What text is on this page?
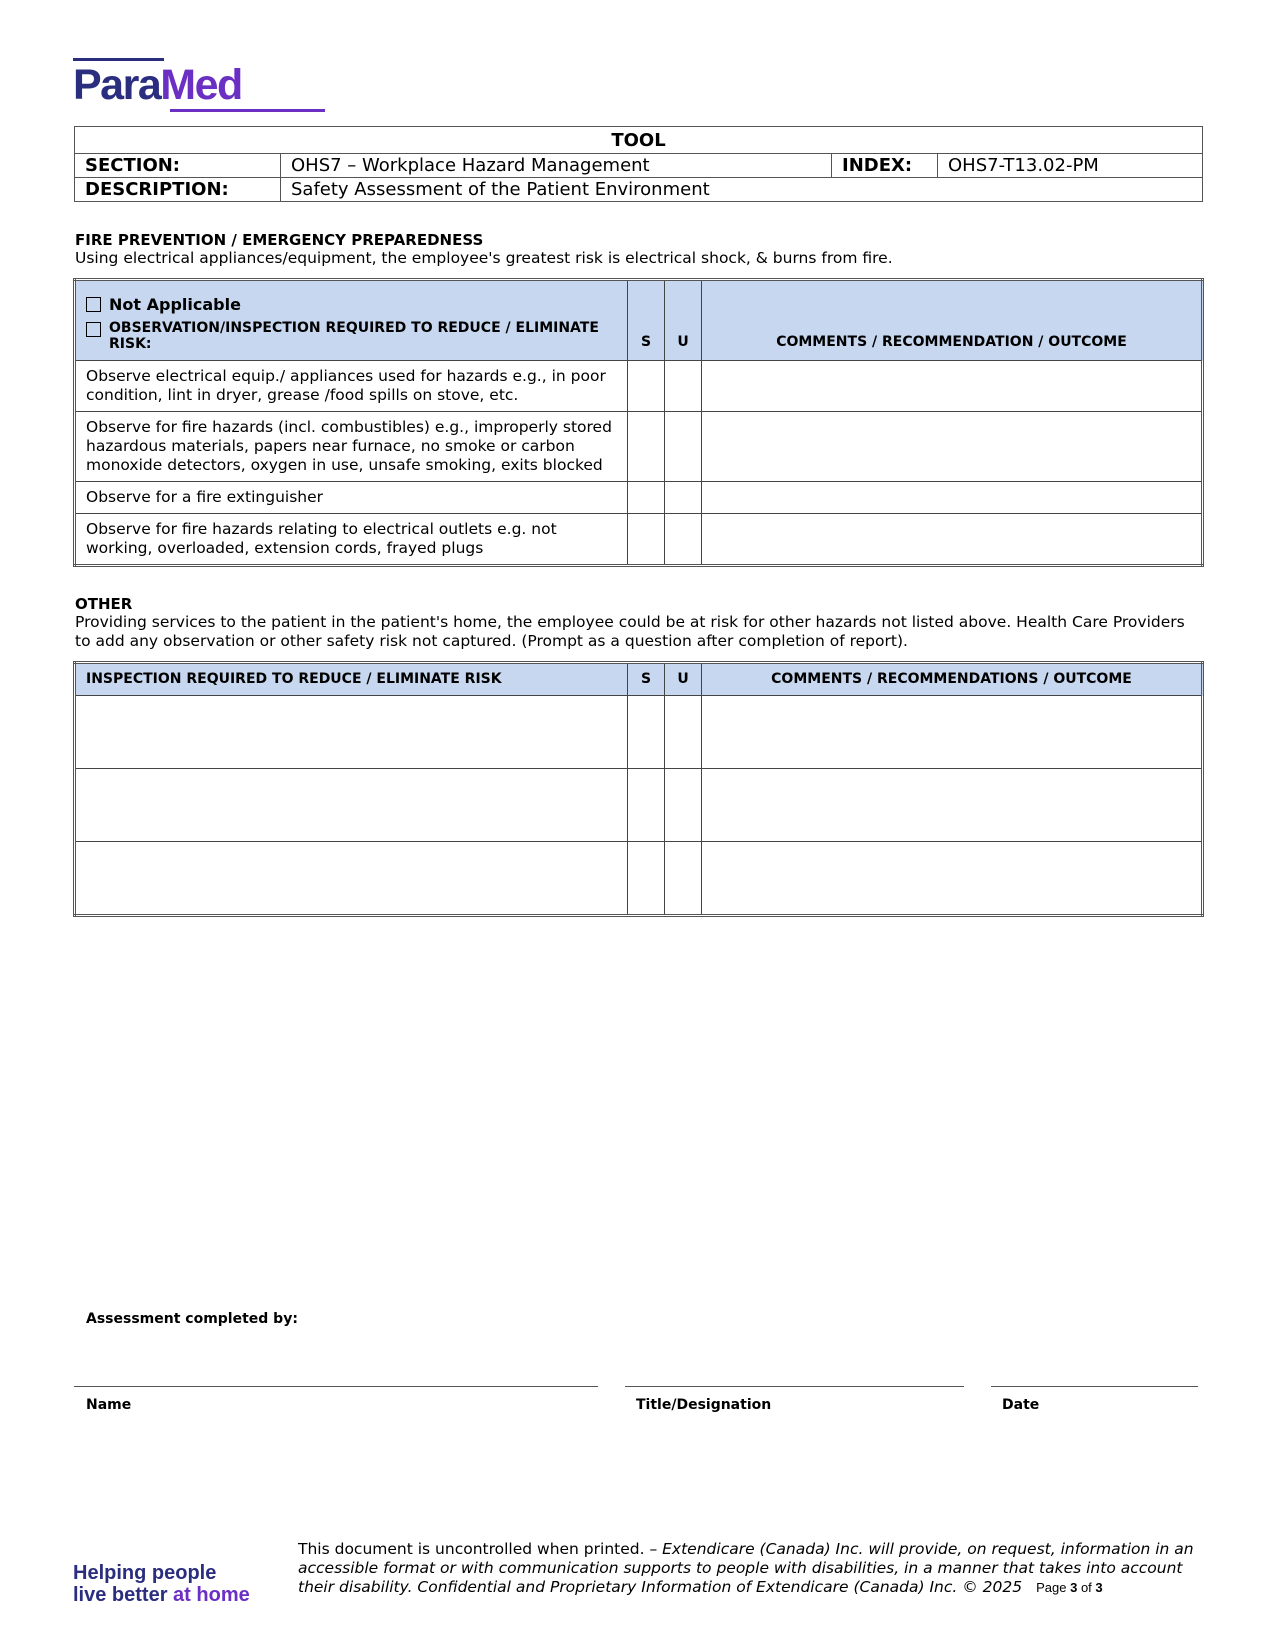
ParaMed
TOOL			
SECTION:	OHS7 – Workplace Hazard Management	INDEX:	OHS7-T13.02-PM
DESCRIPTION:	Safety Assessment of the Patient Environment		
FIRE PREVENTION / EMERGENCY PREPAREDNESS
Using electrical appliances/equipment, the employee's greatest risk is electrical shock, & burns from fire.
Not Applicable
OBSERVATION/INSPECTION REQUIRED TO REDUCE / ELIMINATE RISK:	S	U	COMMENTS / RECOMMENDATION / OUTCOME
Observe electrical equip./ appliances used for hazards e.g., in poor condition, lint in dryer, grease /food spills on stove, etc.			
Observe for fire hazards (incl. combustibles) e.g., improperly stored hazardous materials, papers near furnace, no smoke or carbon monoxide detectors, oxygen in use, unsafe smoking, exits blocked			
Observe for a fire extinguisher			
Observe for fire hazards relating to electrical outlets e.g. not working, overloaded, extension cords, frayed plugs			
OTHER
Providing services to the patient in the patient's home, the employee could be at risk for other hazards not listed above. Health Care Providers to add any observation or other safety risk not captured. (Prompt as a question after completion of report).
INSPECTION REQUIRED TO REDUCE / ELIMINATE RISK	S	U	COMMENTS / RECOMMENDATIONS / OUTCOME

Assessment completed by:
Name	Title/Designation	Date
Helping people
live better at home
This document is uncontrolled when printed. – Extendicare (Canada) Inc. will provide, on request, information in an accessible format or with communication supports to people with disabilities, in a manner that takes into account their disability. Confidential and Proprietary Information of Extendicare (Canada) Inc. © 2025 Page 3 of 3
